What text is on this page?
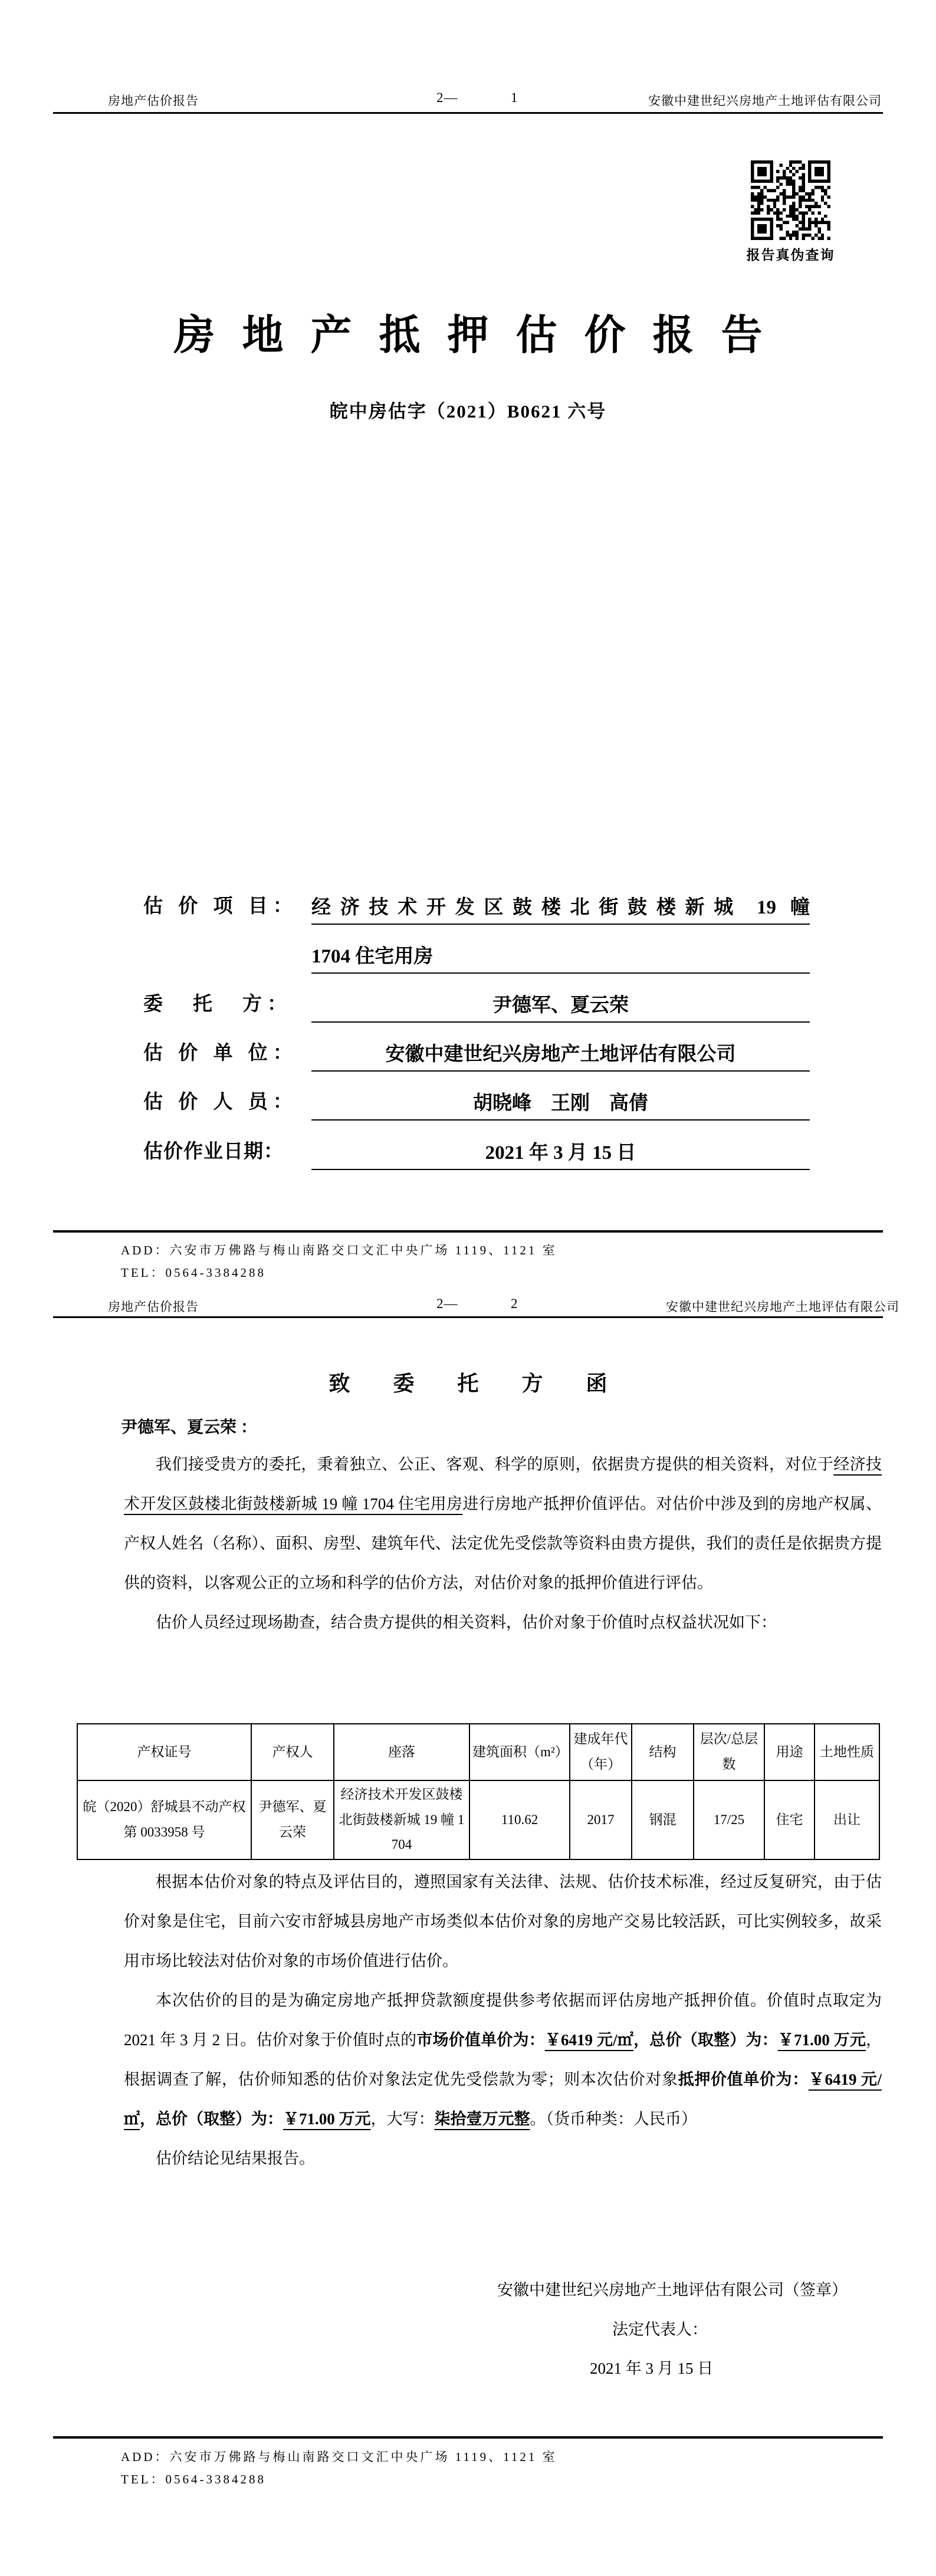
房地产估价报告	2—	1	安徽中建世纪兴房地产土地评估有限公司
报告真伪查询
房地产抵押估价报告
皖中房估字（2021）B0621 六号
估 价 项 目： 经济技术开发区鼓楼北街鼓楼新城 19 幢
1704 住宅用房
委　托　方：	尹德军、夏云荣
估 价 单 位：	安徽中建世纪兴房地产土地评估有限公司
估 价 人 员：	胡晓峰　王刚　高倩
估价作业日期：	2021 年 3 月 15 日
ADD：六安市万佛路与梅山南路交口文汇中央广场 1119、1121 室
TEL：0564-3384288
房地产估价报告	2—	2	安徽中建世纪兴房地产土地评估有限公司
致 委 托 方 函
尹德军、夏云荣 ：

我们接受贵方的委托，秉着独立、公正、客观、科学的原则，依据贵方提供的相关资料，对位于经济技术开发区鼓楼北街鼓楼新城 19 幢 1704 住宅用房进行房地产抵押价值评估。对估价中涉及到的房地产权属、产权人姓名（名称）、面积、房型、建筑年代、法定优先受偿款等资料由贵方提供，我们的责任是依据贵方提供的资料，以客观公正的立场和科学的估价方法，对估价对象的抵押价值进行评估。

估价人员经过现场勘查，结合贵方提供的相关资料，估价对象于价值时点权益状况如下：

产权证号	产权人	座落	建筑面积（m²）	建成年代（年）	结构	层次/总层数	用途	土地性质
皖（2020）舒城县不动产权第 0033958 号	尹德军、夏云荣	经济技术开发区鼓楼北街鼓楼新城 19 幢 1704	110.62	2017	钢混	17/25	住宅	出让

根据本估价对象的特点及评估目的，遵照国家有关法律、法规、估价技术标准，经过反复研究，由于估价对象是住宅，目前六安市舒城县房地产市场类似本估价对象的房地产交易比较活跃，可比实例较多，故采用市场比较法对估价对象的市场价值进行估价。

本次估价的目的是为确定房地产抵押贷款额度提供参考依据而评估房地产抵押价值。价值时点取定为 2021 年 3 月 2 日。估价对象于价值时点的市场价值单价为：￥6419 元/㎡，总价（取整）为：￥71.00 万元，根据调查了解，估价师知悉的估价对象法定优先受偿款为零；则本次估价对象抵押价值单价为：￥6419 元/㎡，总价（取整）为：￥71.00 万元，大写：柒拾壹万元整。（货币种类：人民币）

估价结论见结果报告。

安徽中建世纪兴房地产土地评估有限公司（签章）
法定代表人：
2021 年 3 月 15 日
ADD：六安市万佛路与梅山南路交口文汇中央广场 1119、1121 室
TEL：0564-3384288
